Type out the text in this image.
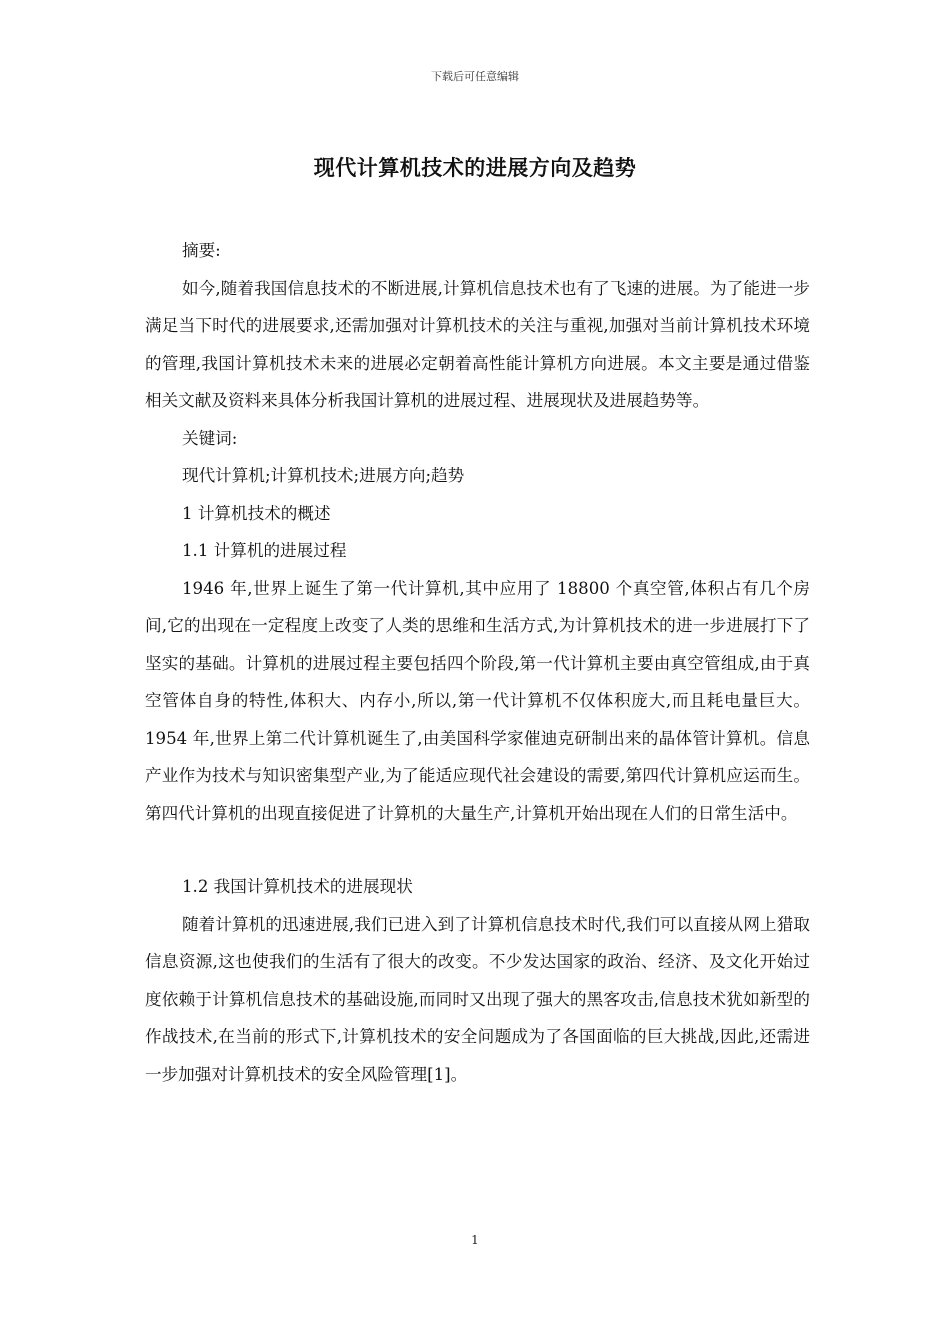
下载后可任意编辑
现代计算机技术的进展方向及趋势

摘要:

如今,随着我国信息技术的不断进展,计算机信息技术也有了飞速的进展。为了能进一步满足当下时代的进展要求,还需加强对计算机技术的关注与重视,加强对当前计算机技术环境的管理,我国计算机技术未来的进展必定朝着高性能计算机方向进展。本文主要是通过借鉴相关文献及资料来具体分析我国计算机的进展过程、进展现状及进展趋势等。

关键词:

现代计算机;计算机技术;进展方向;趋势

1 计算机技术的概述

1.1 计算机的进展过程

1946 年,世界上诞生了第一代计算机,其中应用了 18800 个真空管,体积占有几个房间,它的出现在一定程度上改变了人类的思维和生活方式,为计算机技术的进一步进展打下了坚实的基础。计算机的进展过程主要包括四个阶段,第一代计算机主要由真空管组成,由于真空管体自身的特性,体积大、内存小,所以,第一代计算机不仅体积庞大,而且耗电量巨大。1954 年,世界上第二代计算机诞生了,由美国科学家催迪克研制出来的晶体管计算机。信息产业作为技术与知识密集型产业,为了能适应现代社会建设的需要,第四代计算机应运而生。第四代计算机的出现直接促进了计算机的大量生产,计算机开始出现在人们的日常生活中。

1.2 我国计算机技术的进展现状

随着计算机的迅速进展,我们已进入到了计算机信息技术时代,我们可以直接从网上猎取信息资源,这也使我们的生活有了很大的改变。不少发达国家的政治、经济、及文化开始过度依赖于计算机信息技术的基础设施,而同时又出现了强大的黑客攻击,信息技术犹如新型的作战技术,在当前的形式下,计算机技术的安全问题成为了各国面临的巨大挑战,因此,还需进一步加强对计算机技术的安全风险管理[1]。

1
